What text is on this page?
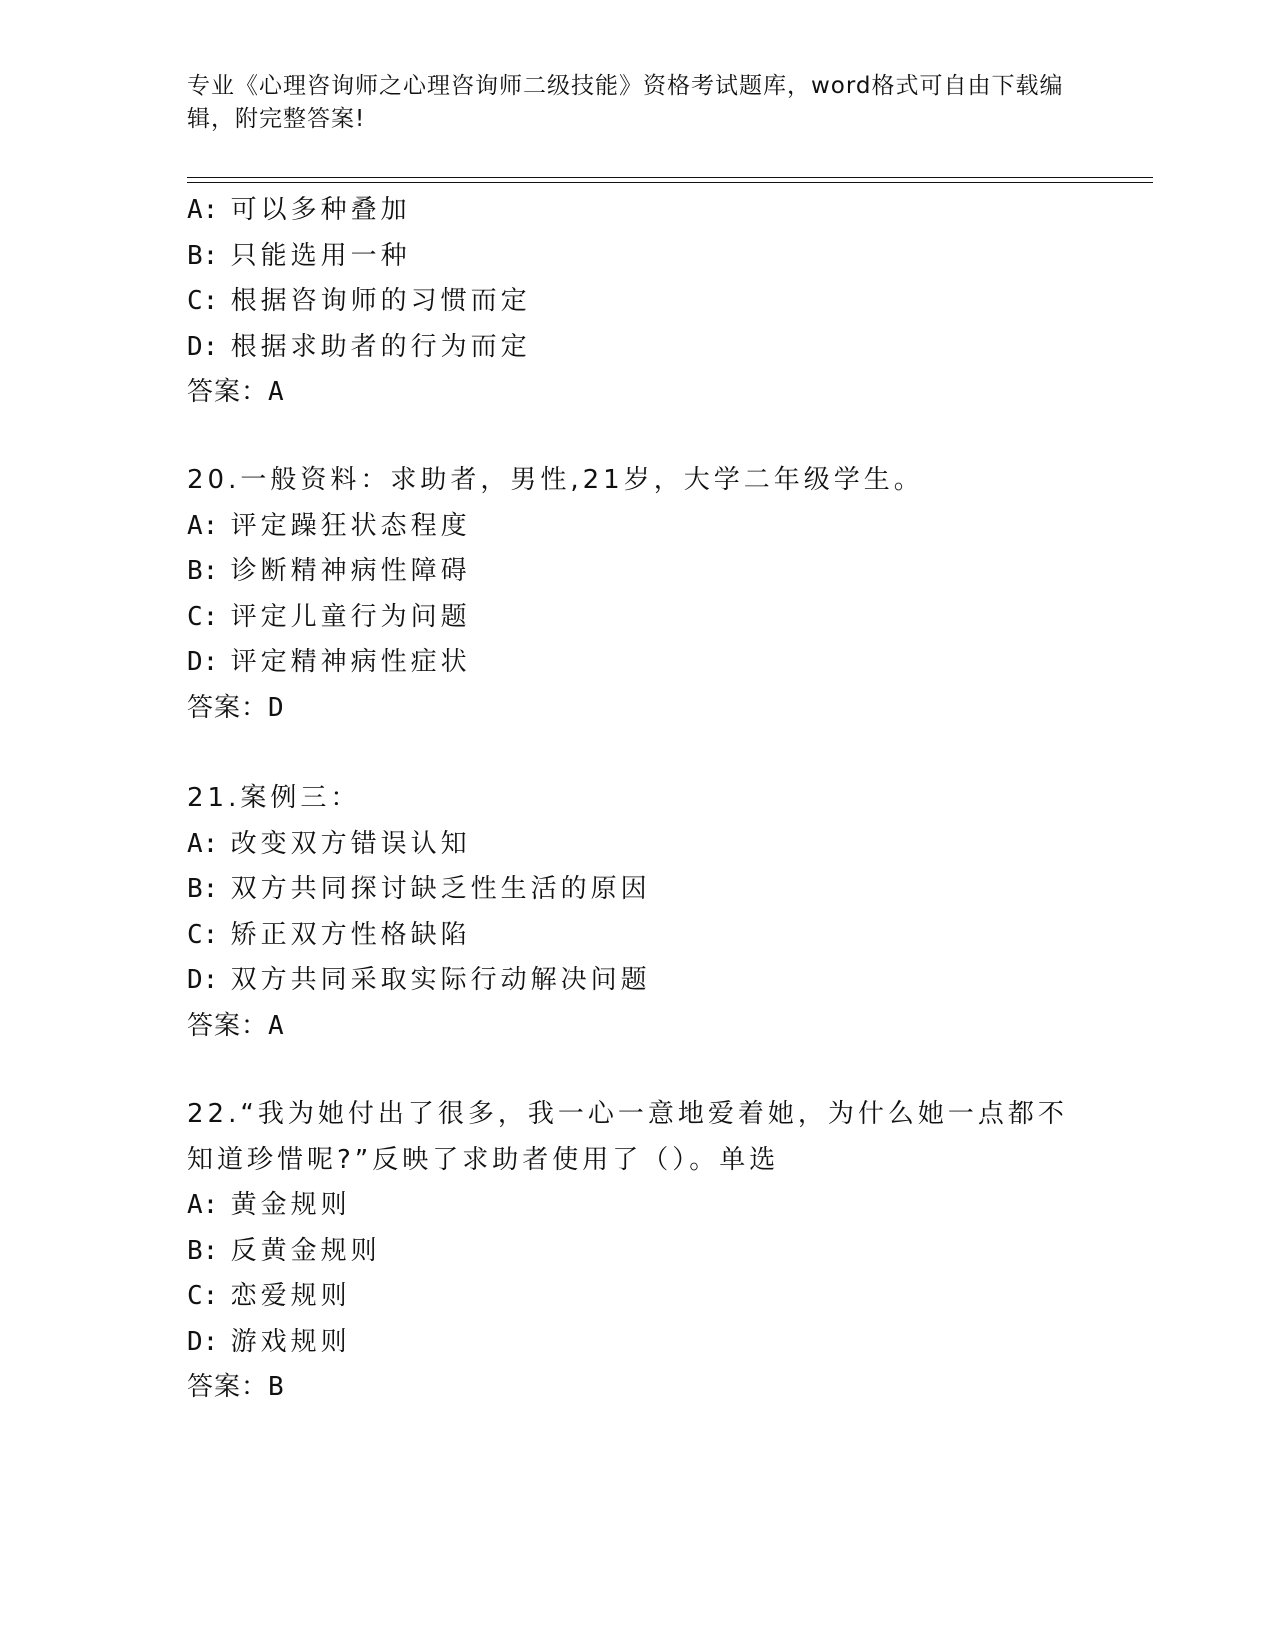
专业《心理咨询师之心理咨询师二级技能》资格考试题库，word格式可自由下载编辑，附完整答案!
A: 可以多种叠加
B: 只能选用一种
C: 根据咨询师的习惯而定
D: 根据求助者的行为而定
答案：A
20.一般资料：求助者，男性,21岁，大学二年级学生。
A: 评定躁狂状态程度
B: 诊断精神病性障碍
C: 评定儿童行为问题
D: 评定精神病性症状
答案：D
21.案例三：
A: 改变双方错误认知
B: 双方共同探讨缺乏性生活的原因
C: 矫正双方性格缺陷
D: 双方共同采取实际行动解决问题
答案：A
22.“我为她付出了很多，我一心一意地爱着她，为什么她一点都不知道珍惜呢?”反映了求助者使用了（）。单选
A: 黄金规则
B: 反黄金规则
C: 恋爱规则
D: 游戏规则
答案：B
